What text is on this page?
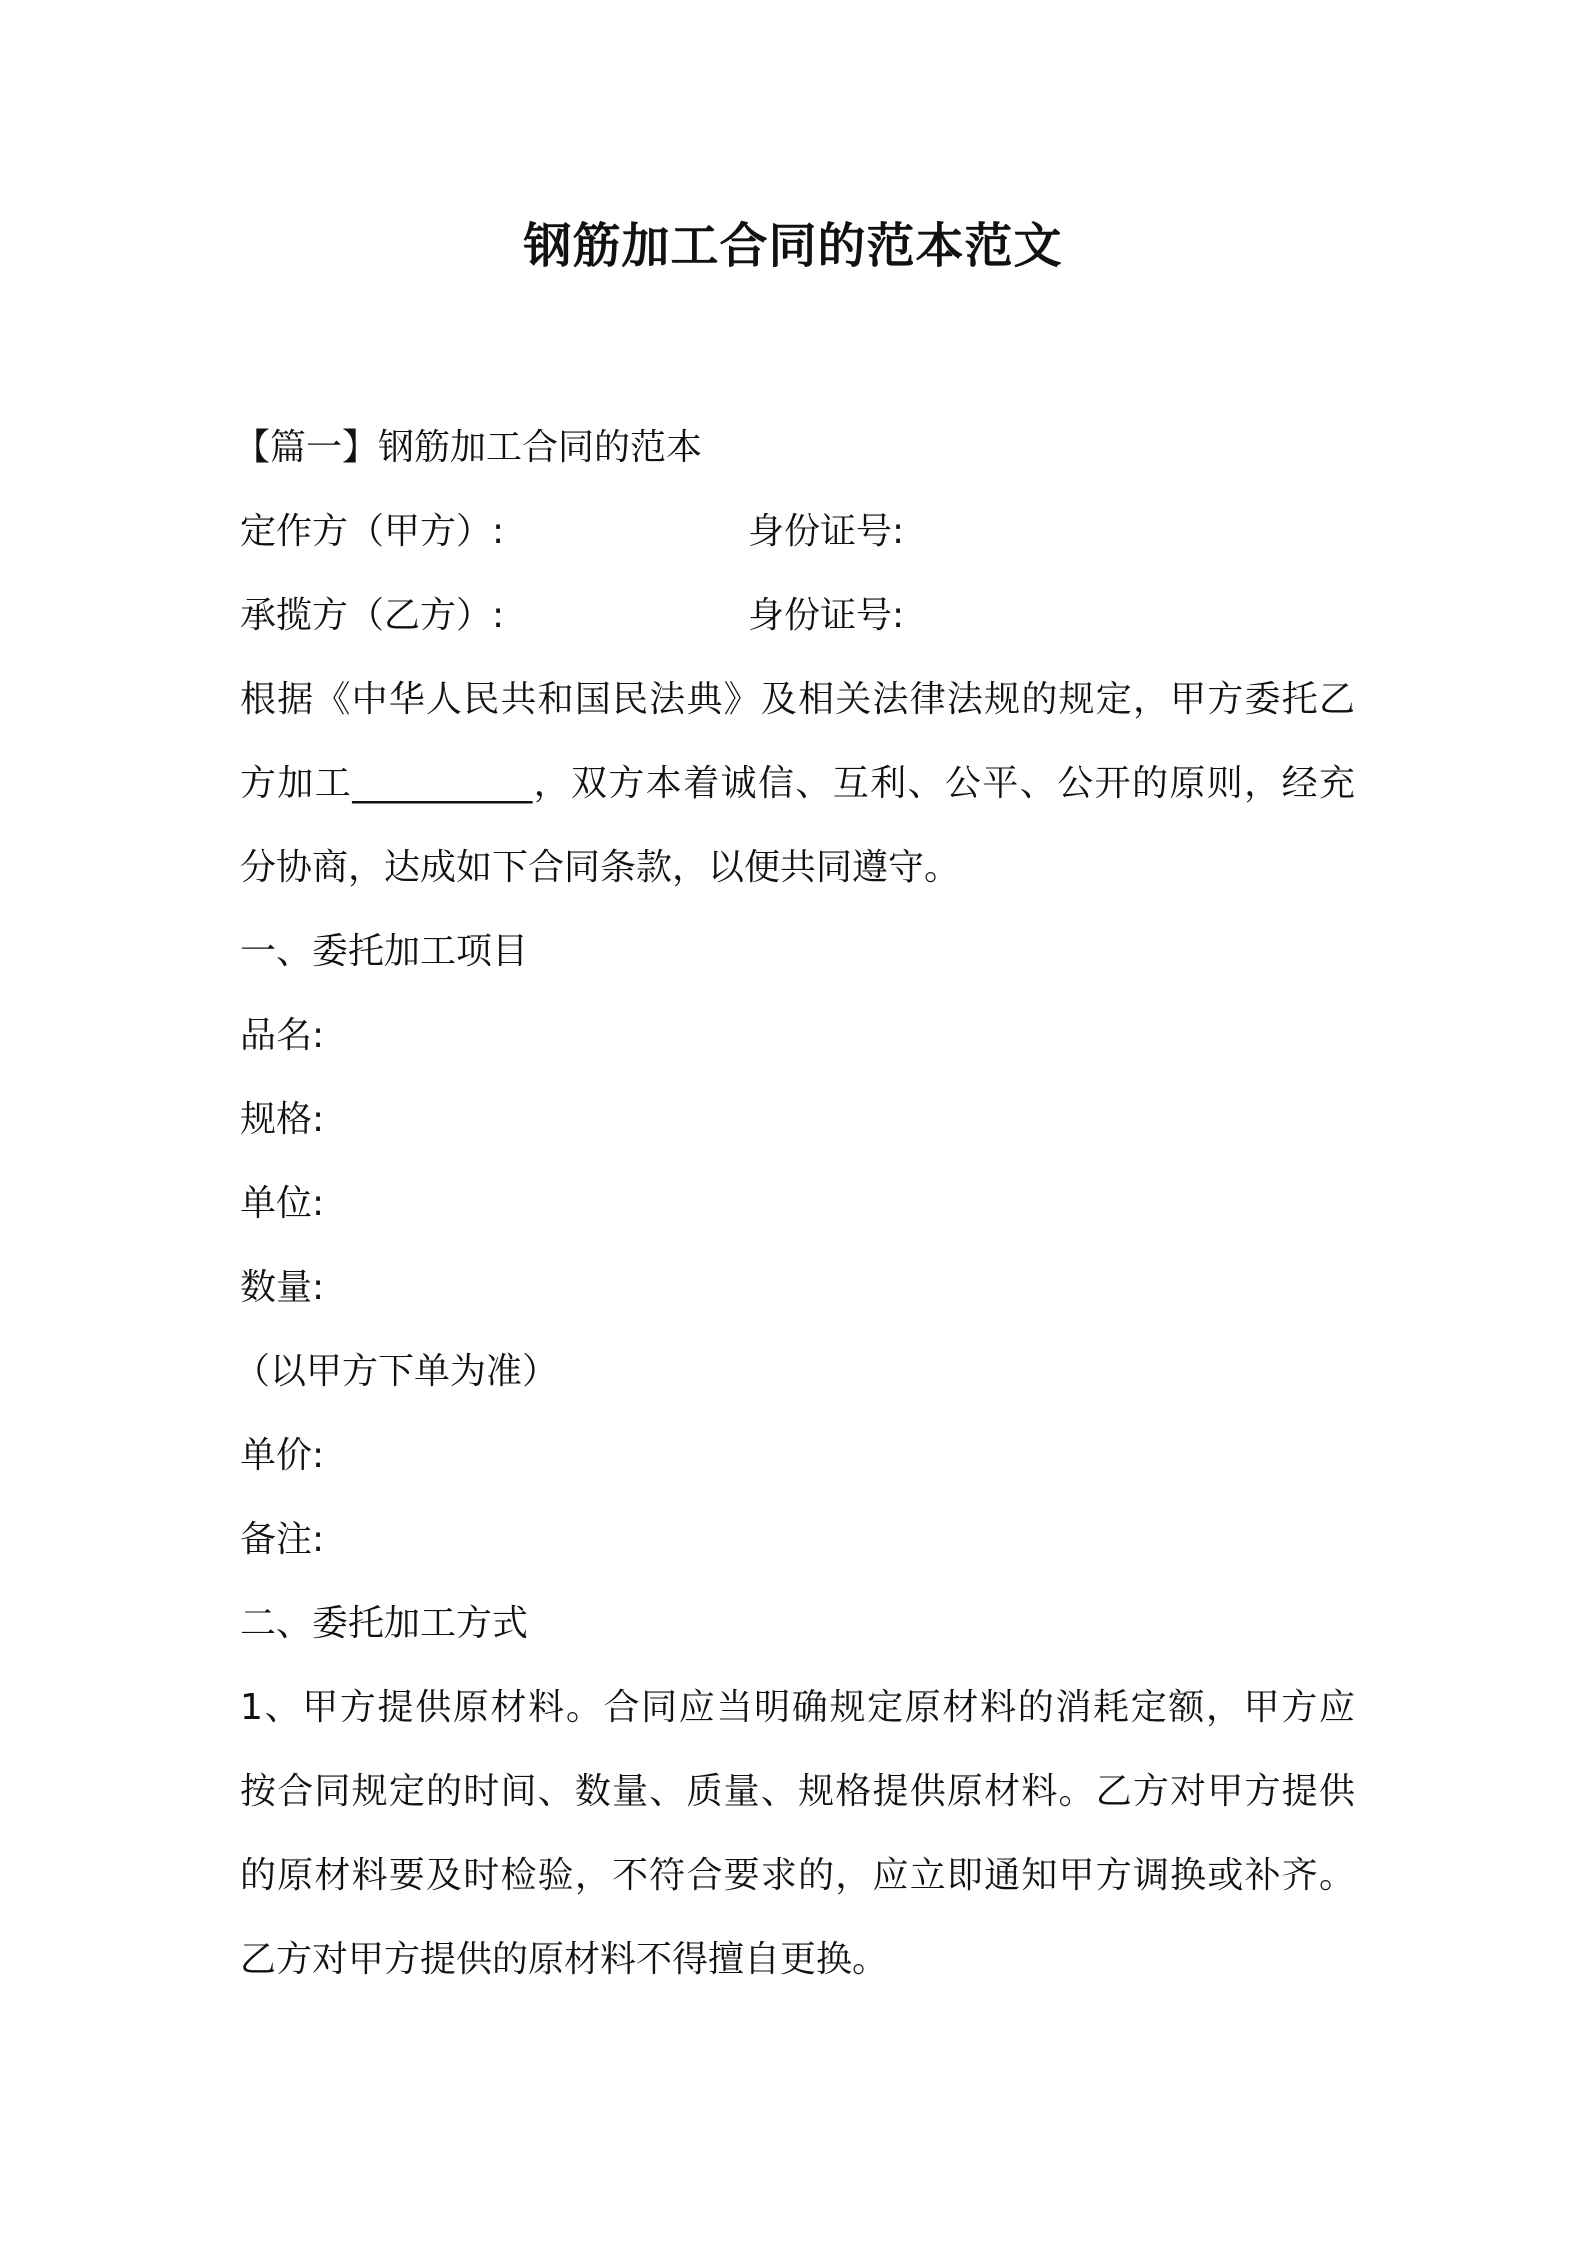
钢筋加工合同的范本范文
【篇一】钢筋加工合同的范本
定作方（甲方）:	身份证号:
承揽方（乙方）:	身份证号:
根据《中华人民共和国民法典》及相关法律法规的规定，甲方委托乙
方加工__________，双方本着诚信、互利、公平、公开的原则，经充
分协商，达成如下合同条款，以便共同遵守。
一、委托加工项目
品名:
规格:
单位:
数量:
（以甲方下单为准）
单价:
备注:
二、委托加工方式
1、甲方提供原材料。合同应当明确规定原材料的消耗定额，甲方应
按合同规定的时间、数量、质量、规格提供原材料。乙方对甲方提供
的原材料要及时检验，不符合要求的，应立即通知甲方调换或补齐。
乙方对甲方提供的原材料不得擅自更换。
